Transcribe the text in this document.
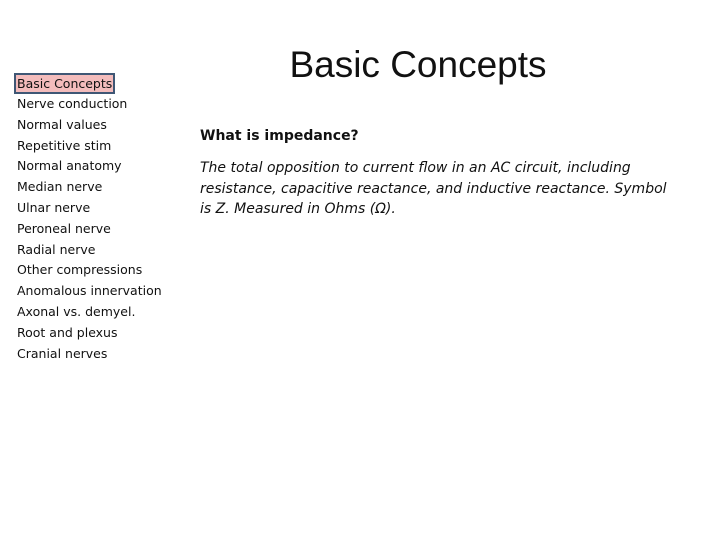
Basic Concepts
Nerve conduction
Normal values
Repetitive stim
Normal anatomy
Median nerve
Ulnar nerve
Peroneal nerve
Radial nerve
Other compressions
Anomalous innervation
Axonal vs. demyel.
Root and plexus
Cranial nerves
Basic Concepts

What is impedance?

The total opposition to current flow in an AC circuit, including resistance, capacitive reactance, and inductive reactance. Symbol is Z. Measured in Ohms (Ω).
